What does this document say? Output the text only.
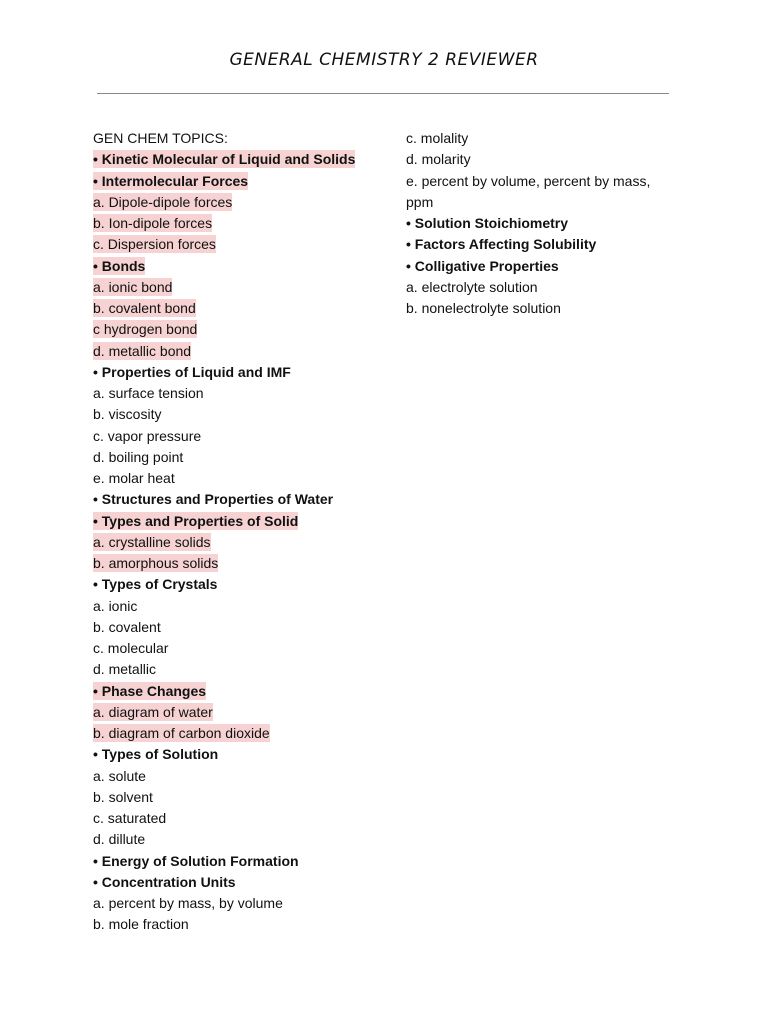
GENERAL CHEMISTRY 2 REVIEWER
GEN CHEM TOPICS:
• Kinetic Molecular of Liquid and Solids
• Intermolecular Forces
a. Dipole-dipole forces
b. Ion-dipole forces
c. Dispersion forces
• Bonds
a. ionic bond
b. covalent bond
c hydrogen bond
d. metallic bond
• Properties of Liquid and IMF
a. surface tension
b. viscosity
c. vapor pressure
d. boiling point
e. molar heat
• Structures and Properties of Water
• Types and Properties of Solid
a. crystalline solids
b. amorphous solids
• Types of Crystals
a. ionic
b. covalent
c. molecular
d. metallic
• Phase Changes
a. diagram of water
b. diagram of carbon dioxide
• Types of Solution
a. solute
b. solvent
c. saturated
d. dillute
• Energy of Solution Formation
• Concentration Units
a. percent by mass, by volume
b. mole fraction
c. molality
d. molarity
e. percent by volume, percent by mass, ppm
• Solution Stoichiometry
• Factors Affecting Solubility
• Colligative Properties
a. electrolyte solution
b. nonelectrolyte solution
